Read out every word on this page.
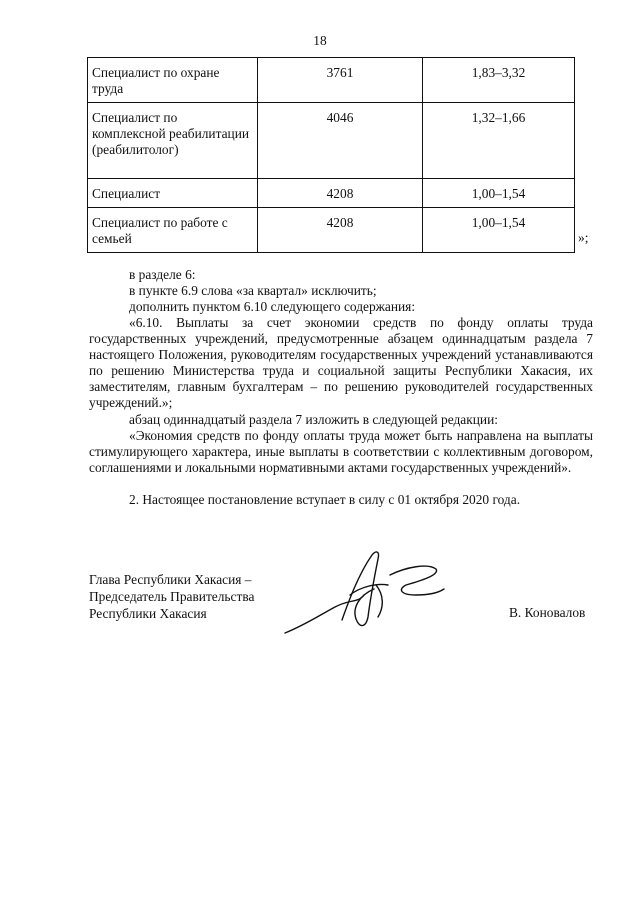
18
Специалист по охране труда	3761	1,83–3,32
Специалист по комплексной реабилитации (реабилитолог)	4046	1,32–1,66
Специалист	4208	1,00–1,54
Специалист по работе с семьей	4208	1,00–1,54
»;
в разделе 6:
в пункте 6.9 слова «за квартал» исключить;
дополнить пунктом 6.10 следующего содержания:
«6.10. Выплаты за счет экономии средств по фонду оплаты труда государственных учреждений, предусмотренные абзацем одиннадцатым раздела 7 настоящего Положения, руководителям государственных учреждений устанавливаются по решению Министерства труда и социальной защиты Республики Хакасия, их заместителям, главным бухгалтерам – по решению руководителей государственных учреждений.»;
абзац одиннадцатый раздела 7 изложить в следующей редакции:
«Экономия средств по фонду оплаты труда может быть направлена на выплаты стимулирующего характера, иные выплаты в соответствии с коллективным договором, соглашениями и локальными нормативными актами государственных учреждений».
2. Настоящее постановление вступает в силу с 01 октября 2020 года.
Глава Республики Хакасия –
Председатель Правительства
Республики Хакасия	В. Коновалов
